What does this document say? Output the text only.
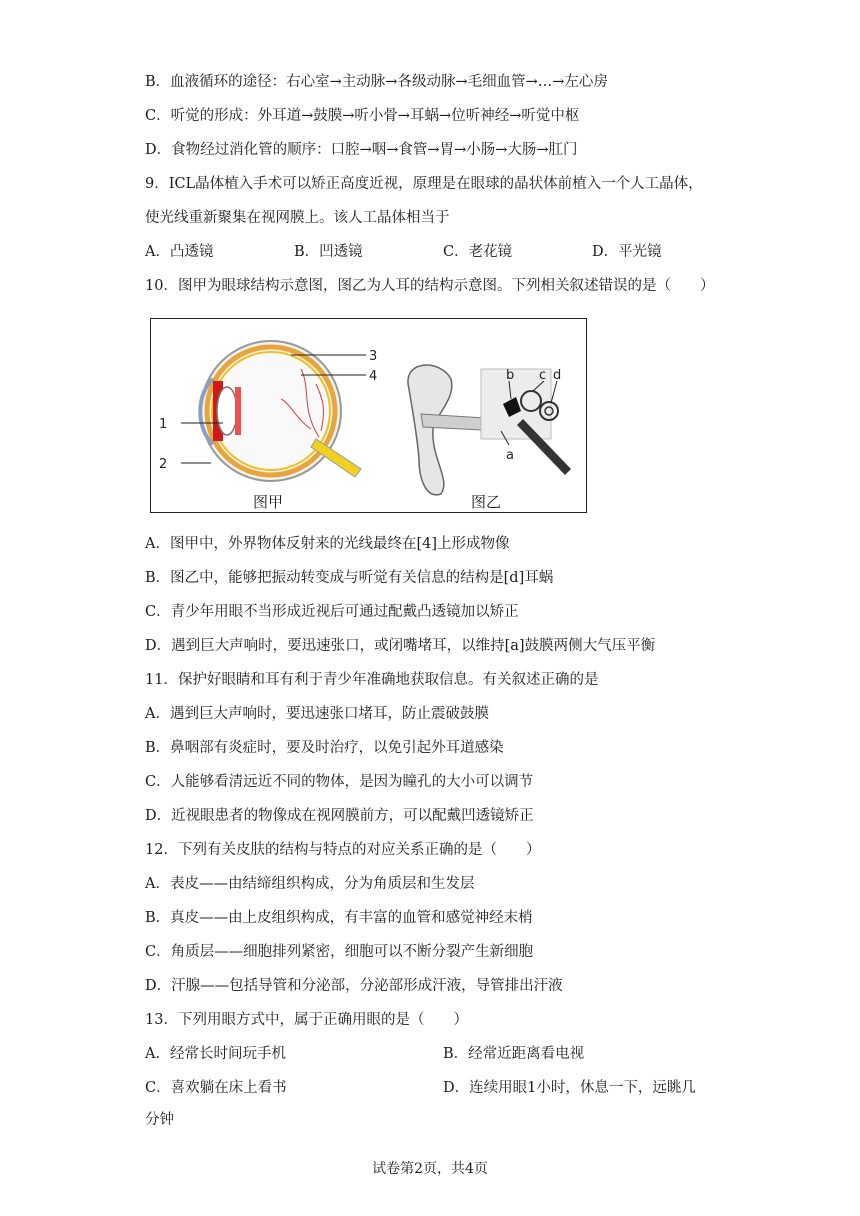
B．血液循环的途径：右心室→主动脉→各级动脉→毛细血管→…→左心房
C．听觉的形成：外耳道→鼓膜→听小骨→耳蜗→位听神经→听觉中枢
D．食物经过消化管的顺序：口腔→咽→食管→胃→小肠→大肠→肛门
9．ICL晶体植入手术可以矫正高度近视，原理是在眼球的晶状体前植入一个人工晶体，
使光线重新聚集在视网膜上。该人工晶体相当于
A．凸透镜	B．凹透镜	C．老花镜	D．平光镜
10．图甲为眼球结构示意图，图乙为人耳的结构示意图。下列相关叙述错误的是（　　）
3
4
1
2
b c d
a
图甲	图乙
A．图甲中，外界物体反射来的光线最终在[4]上形成物像
B．图乙中，能够把振动转变成与听觉有关信息的结构是[d]耳蜗
C．青少年用眼不当形成近视后可通过配戴凸透镜加以矫正
D．遇到巨大声响时，要迅速张口，或闭嘴堵耳，以维持[a]鼓膜两侧大气压平衡
11．保护好眼睛和耳有利于青少年准确地获取信息。有关叙述正确的是
A．遇到巨大声响时，要迅速张口堵耳，防止震破鼓膜
B．鼻咽部有炎症时，要及时治疗，以免引起外耳道感染
C．人能够看清远近不同的物体，是因为瞳孔的大小可以调节
D．近视眼患者的物像成在视网膜前方，可以配戴凹透镜矫正
12．下列有关皮肤的结构与特点的对应关系正确的是（　　）
A．表皮——由结缔组织构成，分为角质层和生发层
B．真皮——由上皮组织构成，有丰富的血管和感觉神经末梢
C．角质层——细胞排列紧密，细胞可以不断分裂产生新细胞
D．汗腺——包括导管和分泌部，分泌部形成汗液，导管排出汗液
13．下列用眼方式中，属于正确用眼的是（　　）
A．经常长时间玩手机	B．经常近距离看电视
C．喜欢躺在床上看书	D．连续用眼1小时，休息一下，远眺几
分钟
试卷第2页，共4页
